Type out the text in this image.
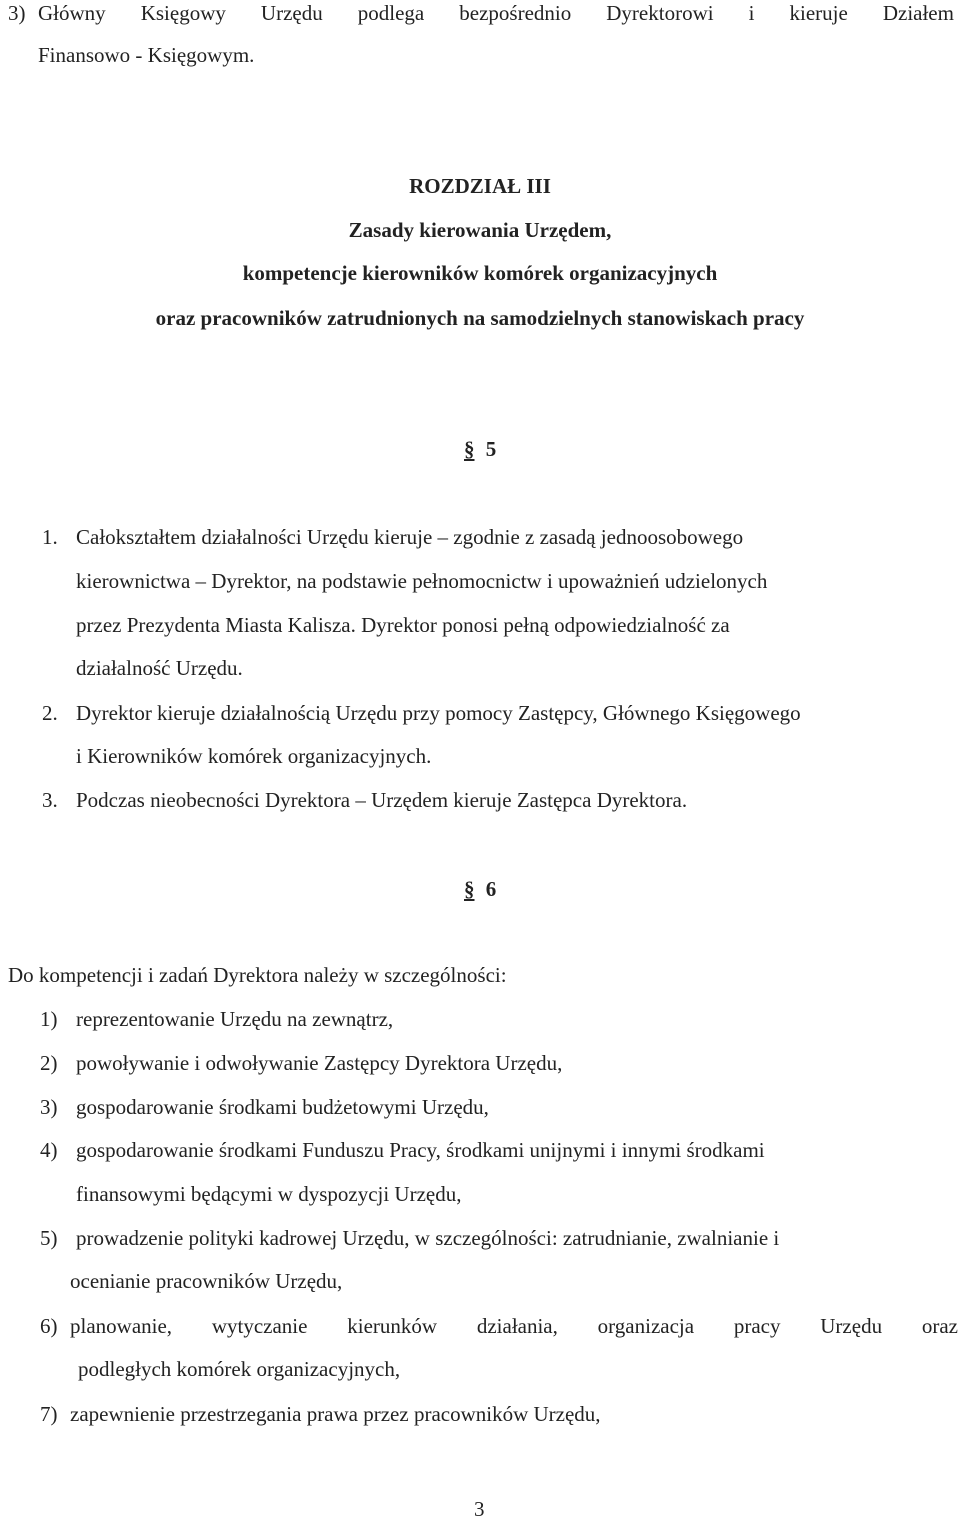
3) Główny Księgowy Urzędu podlega bezpośrednio Dyrektorowi i kieruje Działem
Finansowo - Księgowym.
ROZDZIAŁ III
Zasady kierowania Urzędem,
kompetencje kierowników komórek organizacyjnych
oraz pracowników zatrudnionych na samodzielnych stanowiskach pracy
§ 5
1. Całokształtem działalności Urzędu kieruje – zgodnie z zasadą jednoosobowego
kierownictwa – Dyrektor, na podstawie pełnomocnictw i upoważnień udzielonych
przez Prezydenta Miasta Kalisza. Dyrektor ponosi pełną odpowiedzialność za
działalność Urzędu.
2. Dyrektor kieruje działalnością Urzędu przy pomocy Zastępcy, Głównego Księgowego
i Kierowników komórek organizacyjnych.
3. Podczas nieobecności Dyrektora – Urzędem kieruje Zastępca Dyrektora.
§ 6
Do kompetencji i zadań Dyrektora należy w szczególności:
1) reprezentowanie Urzędu na zewnątrz,
2) powoływanie i odwoływanie Zastępcy Dyrektora Urzędu,
3) gospodarowanie środkami budżetowymi Urzędu,
4) gospodarowanie środkami Funduszu Pracy, środkami unijnymi i innymi środkami
finansowymi będącymi w dyspozycji Urzędu,
5) prowadzenie polityki kadrowej Urzędu, w szczególności: zatrudnianie, zwalnianie i
ocenianie pracowników Urzędu,
6) planowanie, wytyczanie kierunków działania, organizacja pracy Urzędu oraz
podległych komórek organizacyjnych,
7) zapewnienie przestrzegania prawa przez pracowników Urzędu,
3
